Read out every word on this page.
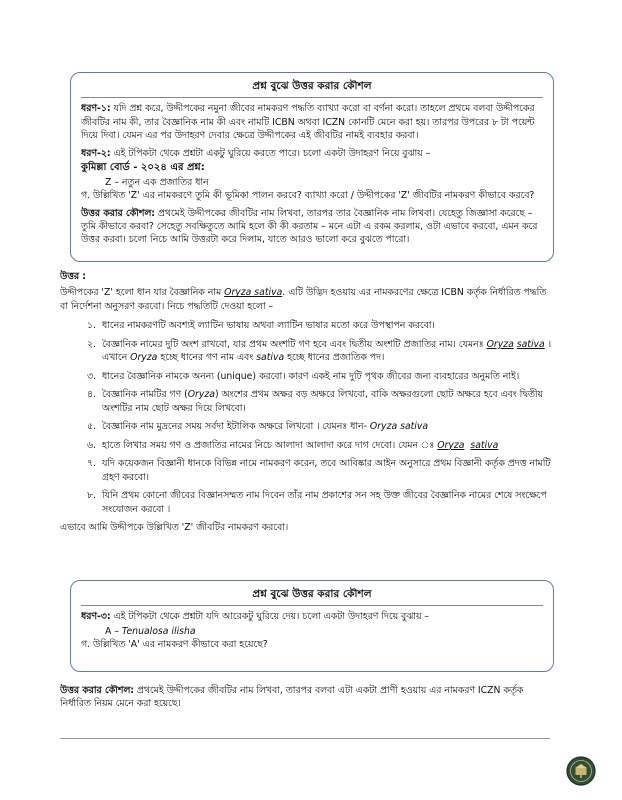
প্রশ্ন বুঝে উত্তর করার কৌশল

ধরণ-১: যদি প্রশ্ন করে, উদ্দীপকের নমুনা জীবের নামকরণ পদ্ধতি ব্যাখ্যা করো বা বর্ণনা করো। তাহলে প্রথমে বলবা উদ্দীপকের জীবটির নাম কী, তার বৈজ্ঞানিক নাম কী এবং নামটি ICBN অথবা ICZN কোনটি মেনে করা হয়। তারপর উপরের ৮ টা পয়েন্ট দিয়ে দিবা। যেমন এর পর উদাহরণ দেবার ক্ষেত্রে উদ্দীপকের এই জীবটির নামই ব্যবহার করবা।

ধরণ-২: এই টপিকটা থেকে প্রশ্নটা একটু ঘুরিয়ে করতে পারে। চলো একটা উদাহরণ নিয়ে বুঝায় –

কুমিল্লা বোর্ড - ২০২৪ এর প্রশ্ন:
Z – নতুন এক প্রজাতির ধান

গ. উল্লিখিত 'Z' এর নামকরণে তুমি কী ভূমিকা পালন করবে? ব্যাখ্যা করো / উদ্দীপকের 'Z' জীবটির নামকরণ কীভাবে করবে?

উত্তর করার কৌশল: প্রথমেই উদ্দীপকের জীবটির নাম লিখবা, তারপর তার বৈজ্ঞানিক নাম লিখবা। যেহেতু জিজ্ঞাসা করেছে – তুমি কীভাবে করবা? সেহেতু সবক্ষিতুতে আমি হলে কী কী করতাম – মনে এটা এ রকম করলাম, ওটা এভাবে করবো, এমন করে উত্তর করবা। চলো নিচে আমি উত্তরটা করে দিলাম, যাতে আরও ভালো করে বুঝতে পারো।

উত্তর :

উদ্দীপকের 'Z' হলো ধান যার বৈজ্ঞানিক নাম Oryza sativa. এটি উদ্ভিদ হওয়ায় এর নামকরণের ক্ষেত্রে ICBN কর্তৃক নির্ধারিত পদ্ধতি বা নির্দেশনা অনুসরণ করবো। নিচে পদ্ধতিটি দেওয়া হলো –

১. ধানের নামকরণটি অবশ্যই ল্যাটিন ভাষায় অথবা ল্যাটিন ভাষার মতো করে উপস্থাপন করবো।
২. বৈজ্ঞানিক নামের দুটি অংশ রাখবো, যার প্রথম অংশটি গণ হবে এবং দ্বিতীয় অংশটি প্রজাতির নাম। যেমনঃ Oryza sativa । এখানে Oryza হচ্ছে ধানের গণ নাম এবং sativa হচ্ছে ধানের প্রজাতিক পদ।
৩. ধানের বৈজ্ঞানিক নামকে অনন্য (unique) করবো। কারণ একই নাম দুটি পৃথক জীবের জন্য ব্যবহারের অনুমতি নাই।
৪. বৈজ্ঞানিক নামটির গণ (Oryza) অংশের প্রথম অক্ষর বড় অক্ষরে লিখবো, বাকি অক্ষরগুলো ছোট অক্ষরে হবে এবং দ্বিতীয় অংশটির নাম ছোট অক্ষর দিয়ে লিখবো।
৫. বৈজ্ঞানিক নাম মুদ্রনের সময় সর্বদা ইটালিক অক্ষরে লিখবো । যেমনঃ ধান- Oryza sativa
৬. হাতে লিখার সময় গণ ও প্রজাতির নামের নিচে আলাদা আলাদা করে দাগ দেবো। যেমন ঃ Oryza sativa
৭. যদি কয়েকজন বিজ্ঞানী ধানকে বিভিন্ন নামে নামকরণ করেন, তবে আবিষ্কার আইন অনুসারে প্রথম বিজ্ঞানী কর্তৃক প্রদত্ত নামটি গ্রহণ করবো।
৮. যিনি প্রথম কোনো জীবের বিজ্ঞানসম্মত নাম দিবেন তাঁর নাম প্রকাশের সন সহ উক্ত জীবের বৈজ্ঞানিক নামের শেষে সংক্ষেপে সংযোজন করবো ।

এভাবে আমি উদ্দীপকে উল্লিখিত 'Z' জীবটির নামকরণ করবো।

প্রশ্ন বুঝে উত্তর করার কৌশল

ধরণ-৩: এই টপিকটা থেকে প্রশ্নটা যদি আরেকটু ঘুরিয়ে দেয়। চলো একটা উদাহরণ দিয়ে বুঝায় –

A – Tenualosa ilisha

গ. উল্লিখিত 'A' এর নামকরণ কীভাবে করা হয়েছে?

উত্তর করার কৌশল: প্রথমেই উদ্দীপকের জীবটির নাম লিখবা, তারপর বলবা এটা একটা প্রাণী হওয়ায় এর নামকরণ ICZN কর্তৃক নির্ধারিত নিয়ম মেনে করা হয়েছে।
